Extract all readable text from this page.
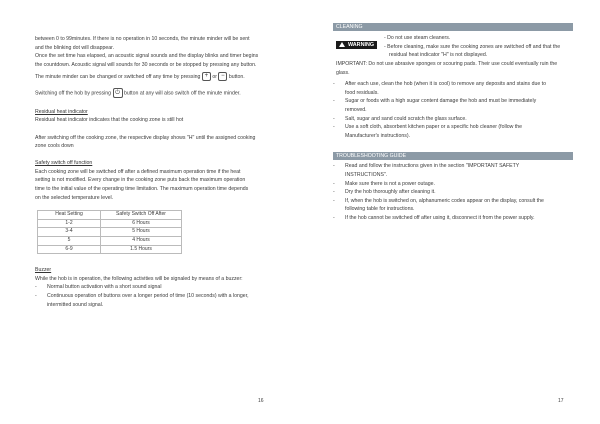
between 0 to 99minutes. If there is no operation in 10 seconds, the minute minder will be sent

and the blinking dot will disappear.

Once the set time has elapsed, an acoustic signal sounds and the display blinks and timer begins

the countdown. Acoustic signal will sounds for 30 seconds or be stopped by pressing any button.

The minute minder can be changed or switched off any time by pressing + or − button.

Switching off the hob by pressing ⏻ button at any will also switch off the minute minder.

Residual heat indicator

Residual heat indicator indicates that the cooking zone is still hot

After switching off the cooking zone, the respective display shows "H" until the assigned cooking

zone cools down

Safety switch off function

Each cooking zone will be switched off after a defined maximum operation time if the heat

setting is not modified. Every change in the cooking zone puts back the maximum operation

time to the initial value of the operating time limitation. The maximum operation time depends

on the selected temperature level.

Heat Setting	Safety Switch Off After
1-2	6 Hours
3-4	5 Hours
5	4 Hours
6-9	1.5 Hours

Buzzer

While the hob is in operation, the following activities will be signaled by means of a buzzer:

- Normal button activation with a short sound signal

- Continuous operation of buttons over a longer period of time (10 seconds) with a longer,

intermitted sound signal.

16
CLEANING
WARNING

- Do not use steam cleaners.

- Before cleaning, make sure the cooking zones are switched off and that the

residual heat indicator "H" is not displayed.

IMPORTANT: Do not use abrasive sponges or scouring pads. Their use could eventually ruin the

glass.

- After each use, clean the hob (when it is cool) to remove any deposits and stains due to

food residuals.

- Sugar or foods with a high sugar content damage the hob and must be immediately

removed.

- Salt, sugar and sand could scratch the glass surface.

- Use a soft cloth, absorbent kitchen paper or a specific hob cleaner (follow the

Manufacturer's instructions).

TROUBLESHOOTING GUIDE

- Read and follow the instructions given in the section "IMPORTANT SAFETY

INSTRUCTIONS".

- Make sure there is not a power outage.

- Dry the hob thoroughly after cleaning it.

- If, when the hob is switched on, alphanumeric codes appear on the display, consult the

following table for instructions.

- If the hob cannot be switched off after using it, disconnect it from the power supply.

17
